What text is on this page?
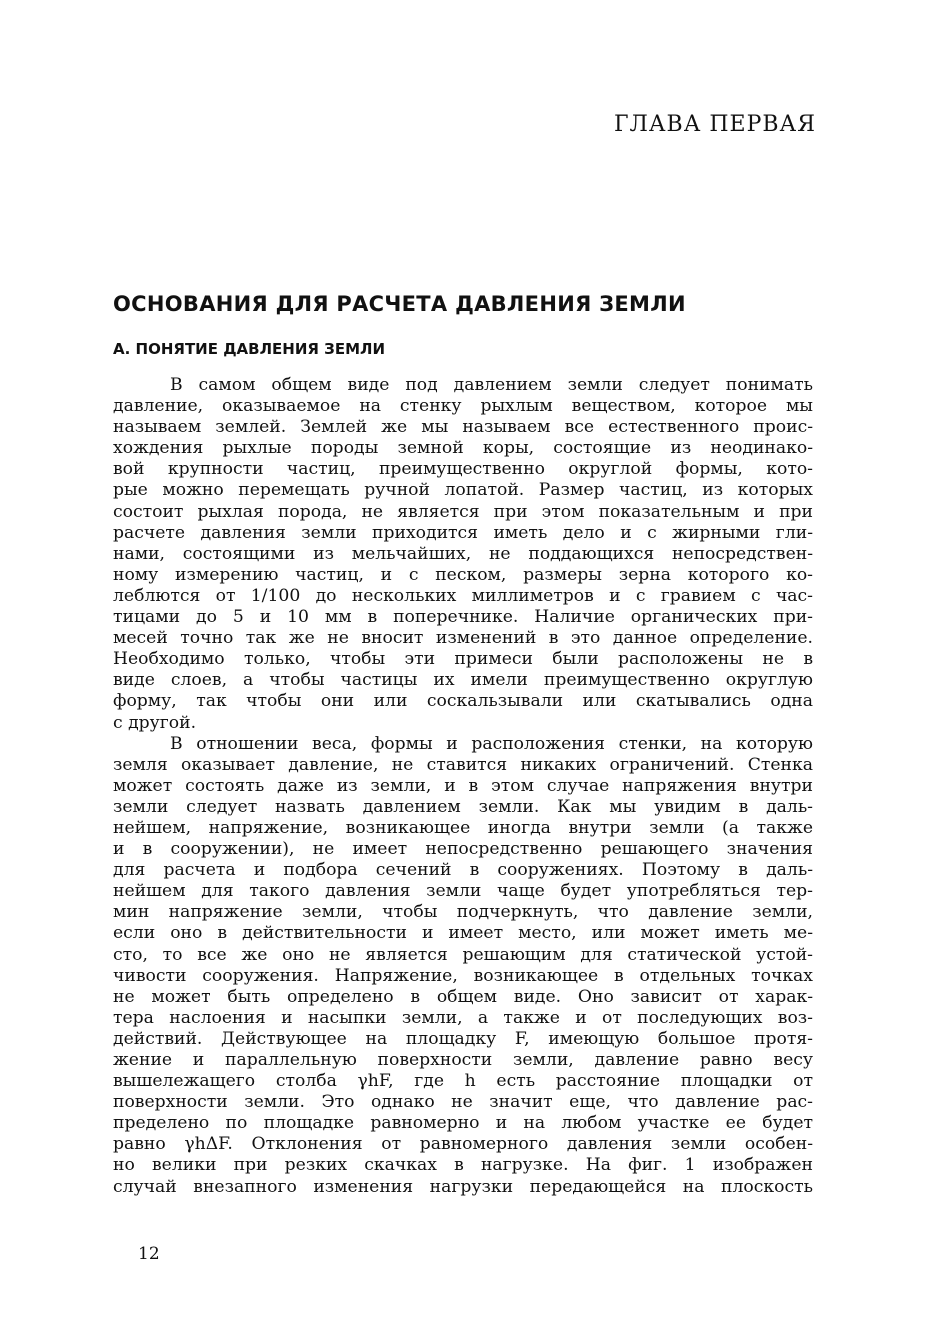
ГЛАВА ПЕРВАЯ
ОСНОВАНИЯ ДЛЯ РАСЧЕТА ДАВЛЕНИЯ ЗЕМЛИ
А. ПОНЯТИЕ ДАВЛЕНИЯ ЗЕМЛИ
В самом общем виде под давлением земли следует понимать
давление, оказываемое на стенку рыхлым веществом, которое мы
называем землей. Землей же мы называем все естественного проис-
хождения рыхлые породы земной коры, состоящие из неодинако-
вой крупности частиц, преимущественно округлой формы, кото-
рые можно перемещать ручной лопатой. Размер частиц, из которых
состоит рыхлая порода, не является при этом показательным и при
расчете давления земли приходится иметь дело и с жирными гли-
нами, состоящими из мельчайших, не поддающихся непосредствен-
ному измерению частиц, и с песком, размеры зерна которого ко-
леблются от 1/100 до нескольких миллиметров и с гравием с час-
тицами до 5 и 10 мм в поперечнике. Наличие органических при-
месей точно так же не вносит изменений в это данное определение.
Необходимо только, чтобы эти примеси были расположены не в
виде слоев, а чтобы частицы их имели преимущественно округлую
форму, так чтобы они или соскальзывали или скатывались одна
с другой.
В отношении веса, формы и расположения стенки, на которую
земля оказывает давление, не ставится никаких ограничений. Стенка
может состоять даже из земли, и в этом случае напряжения внутри
земли следует назвать давлением земли. Как мы увидим в даль-
нейшем, напряжение, возникающее иногда внутри земли (а также
и в сооружении), не имеет непосредственно решающего значения
для расчета и подбора сечений в сооружениях. Поэтому в даль-
нейшем для такого давления земли чаще будет употребляться тер-
мин напряжение земли, чтобы подчеркнуть, что давление земли,
если оно в действительности и имеет место, или может иметь ме-
сто, то все же оно не является решающим для статической устой-
чивости сооружения. Напряжение, возникающее в отдельных точках
не может быть определено в общем виде. Оно зависит от харак-
тера наслоения и насыпки земли, а также и от последующих воз-
действий. Действующее на площадку F, имеющую большое протя-
жение и параллельную поверхности земли, давление равно весу
вышележащего столба γhF, где h есть расстояние площадки от
поверхности земли. Это однако не значит еще, что давление рас-
пределено по площадке равномерно и на любом участке ее будет
равно γhΔF. Отклонения от равномерного давления земли особен-
но велики при резких скачках в нагрузке. На фиг. 1 изображен
случай внезапного изменения нагрузки передающейся на плоскость
12
